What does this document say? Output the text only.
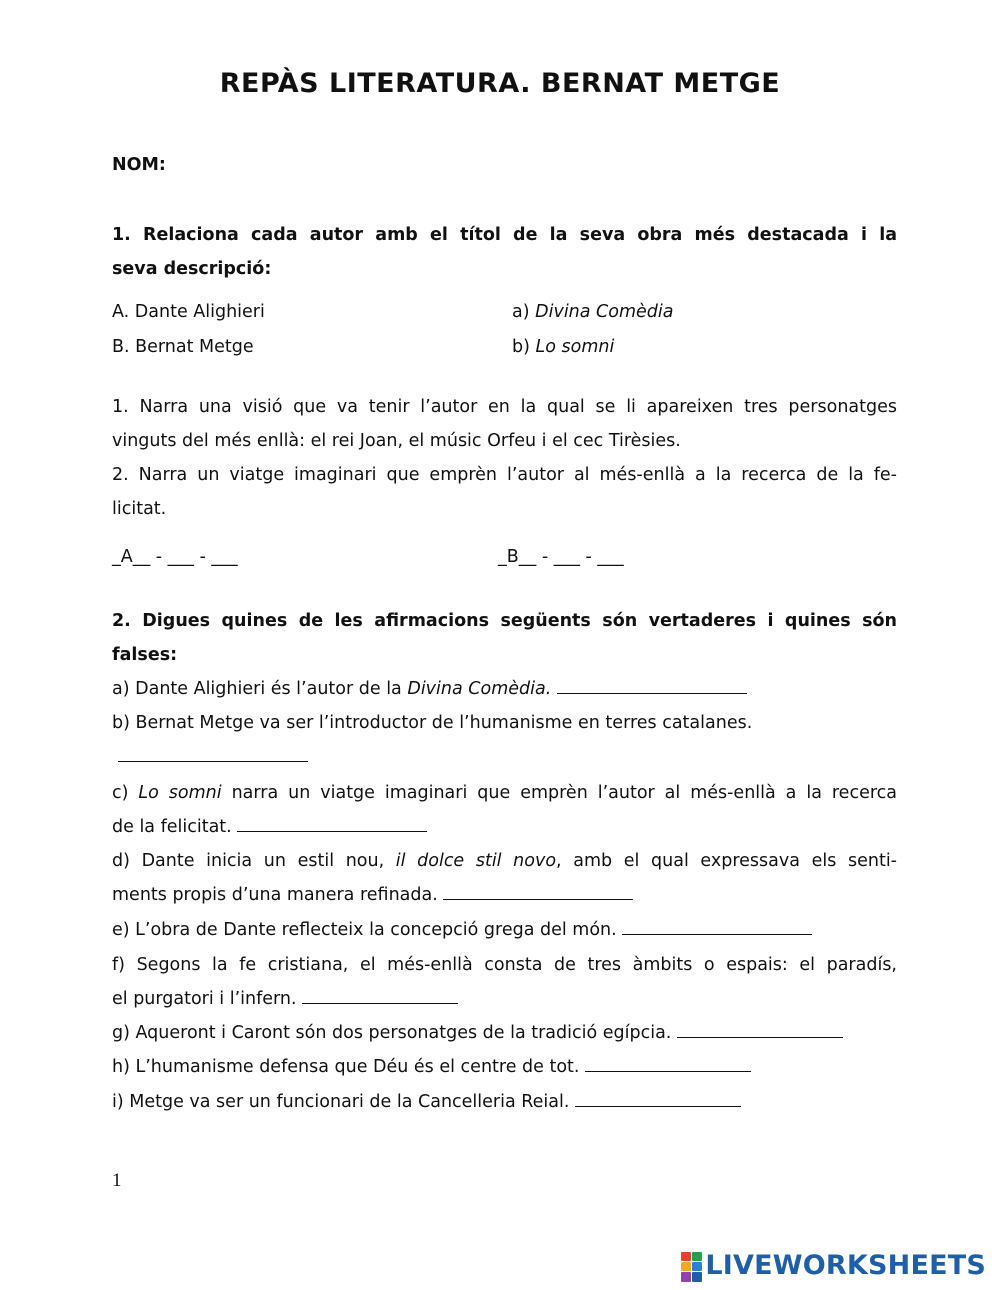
REPÀS LITERATURA. BERNAT METGE
NOM:
1. Relaciona cada autor amb el títol de la seva obra més destacada i la
seva descripció:
A. Dante Alighieri	a) Divina Comèdia
B. Bernat Metge	b) Lo somni
1. Narra una visió que va tenir l’autor en la qual se li apareixen tres personatges
vinguts del més enllà: el rei Joan, el músic Orfeu i el cec Tirèsies.
2. Narra un viatge imaginari que emprèn l’autor al més-enllà a la recerca de la fe-
licitat.
_A__ - ___ - ___	_B__ - ___ - ___
2. Digues quines de les afirmacions següents són vertaderes i quines són
falses:
a) Dante Alighieri és l’autor de la Divina Comèdia.
b) Bernat Metge va ser l’introductor de l’humanisme en terres catalanes.
c) Lo somni narra un viatge imaginari que emprèn l’autor al més-enllà a la recerca
de la felicitat.
d) Dante inicia un estil nou, il dolce stil novo, amb el qual expressava els senti-
ments propis d’una manera refinada.
e) L’obra de Dante reflecteix la concepció grega del món.
f) Segons la fe cristiana, el més-enllà consta de tres àmbits o espais: el paradís,
el purgatori i l’infern.
g) Aqueront i Caront són dos personatges de la tradició egípcia.
h) L’humanisme defensa que Déu és el centre de tot.
i) Metge va ser un funcionari de la Cancelleria Reial.
1
LIVEWORKSHEETS
